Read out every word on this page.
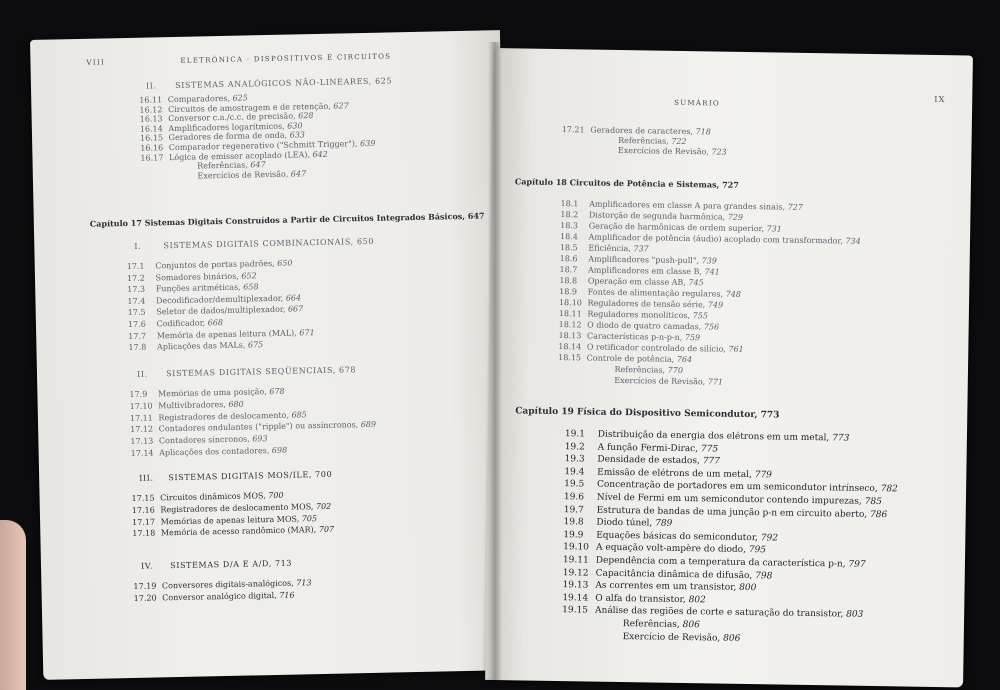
VIII	ELETRÔNICA · DISPOSITIVOS E CIRCUITOS
II. SISTEMAS ANALÓGICOS NÃO-LINEARES, 625
16.11 Comparadores, 625
16.12 Circuitos de amostragem e de retenção, 627
16.13 Conversor c.a./c.c. de precisão, 628
16.14 Amplificadores logarítmicos, 630
16.15 Geradores de forma de onda, 633
16.16 Comparador regenerativo ("Schmitt Trigger"), 639
16.17 Lógica de emissor acoplado (LEA), 642
Referências, 647
Exercícios de Revisão, 647
Capítulo 17 Sistemas Digitais Construídos a Partir de Circuitos Integrados Básicos, 647
I.	SISTEMAS DIGITAIS COMBINACIONAIS, 650
17.1 Conjuntos de portas padrões, 650
17.2 Somadores binários, 652
17.3 Funções aritméticas, 658
17.4 Decodificador/demultiplexador, 664
17.5 Seletor de dados/multiplexador, 667
17.6 Codificador, 668
17.7 Memória de apenas leitura (MAL), 671
17.8 Aplicações das MALs, 675
II. SISTEMAS DIGITAIS SEQÜENCIAIS, 678
17.9 Memórias de uma posição, 678
17.10 Multivibradores, 680
17.11 Registradores de deslocamento, 685
17.12 Contadores ondulantes ("ripple") ou assíncronos, 689
17.13 Contadores síncronos, 693
17.14 Aplicações dos contadores, 698
III. SISTEMAS DIGITAIS MOS/ILE, 700
17.15 Circuitos dinâmicos MOS, 700
17.16 Registradores de deslocamento MOS, 702
17.17 Memórias de apenas leitura MOS, 705
17.18 Memória de acesso randômico (MAR), 707
IV. SISTEMAS D/A E A/D, 713
17.19 Conversores digitais-analógicos, 713
17.20 Conversor analógico digital, 716
SUMÁRIO	IX
17.21 Geradores de caracteres, 718
Referências, 722
Exercícios de Revisão, 723
Capítulo 18 Circuitos de Potência e Sistemas, 727
18.1 Amplificadores em classe A para grandes sinais, 727
18.2 Distorção de segunda harmônica, 729
18.3 Geração de harmônicas de ordem superior, 731
18.4 Amplificador de potência (áudio) acoplado com transformador, 734
18.5 Eficiência, 737
18.6 Amplificadores "push-pull", 739
18.7 Amplificadores em classe B, 741
18.8 Operação em classe AB, 745
18.9 Fontes de alimentação regulares, 748
18.10 Reguladores de tensão série, 749
18.11 Reguladores monolíticos, 755
18.12 O diodo de quatro camadas, 756
18.13 Características p-n-p-n, 759
18.14 O retificador controlado de silício, 761
18.15 Controle de potência, 764
Referências, 770
Exercícios de Revisão, 771
Capítulo 19 Física do Dispositivo Semicondutor, 773
19.1 Distribuição da energia dos elétrons em um metal, 773
19.2 A função Fermi-Dirac, 775
19.3 Densidade de estados, 777
19.4 Emissão de elétrons de um metal, 779
19.5 Concentração de portadores em um semicondutor intrínseco, 782
19.6 Nível de Fermi em um semicondutor contendo impurezas, 785
19.7 Estrutura de bandas de uma junção p-n em circuito aberto, 786
19.8 Diodo túnel, 789
19.9 Equações básicas do semicondutor, 792
19.10 A equação volt-ampère do diodo, 795
19.11 Dependência com a temperatura da característica p-n, 797
19.12 Capacitância dinâmica de difusão, 798
19.13 As correntes em um transistor, 800
19.14 O alfa do transistor, 802
19.15 Análise das regiões de corte e saturação do transistor, 803
Referências, 806
Exercício de Revisão, 806
